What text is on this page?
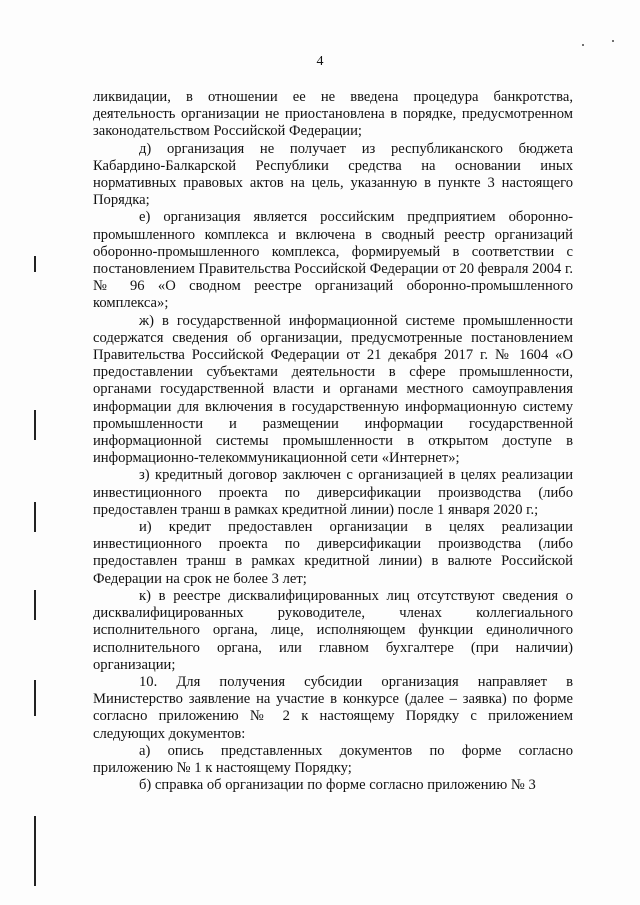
4

ликвидации, в отношении ее не введена процедура банкротства, деятельность организации не приостановлена в порядке, предусмотренном законодательством Российской Федерации;

д) организация не получает из республиканского бюджета Кабардино-Балкарской Республики средства на основании иных нормативных правовых актов на цель, указанную в пункте 3 настоящего Порядка;

е) организация является российским предприятием оборонно-промышленного комплекса и включена в сводный реестр организаций оборонно-промышленного комплекса, формируемый в соответствии с постановлением Правительства Российской Федерации от 20 февраля 2004 г. № 96 «О сводном реестре организаций оборонно-промышленного комплекса»;

ж) в государственной информационной системе промышленности содержатся сведения об организации, предусмотренные постановлением Правительства Российской Федерации от 21 декабря 2017 г. № 1604 «О предоставлении субъектами деятельности в сфере промышленности, органами государственной власти и органами местного самоуправления информации для включения в государственную информационную систему промышленности и размещении информации государственной информационной системы промышленности в открытом доступе в информационно-телекоммуникационной сети «Интернет»;

з) кредитный договор заключен с организацией в целях реализации инвестиционного проекта по диверсификации производства (либо предоставлен транш в рамках кредитной линии) после 1 января 2020 г.;

и) кредит предоставлен организации в целях реализации инвестиционного проекта по диверсификации производства (либо предоставлен транш в рамках кредитной линии) в валюте Российской Федерации на срок не более 3 лет;

к) в реестре дисквалифицированных лиц отсутствуют сведения о дисквалифицированных руководителе, членах коллегиального исполнительного органа, лице, исполняющем функции единоличного исполнительного органа, или главном бухгалтере (при наличии) организации;

10. Для получения субсидии организация направляет в Министерство заявление на участие в конкурсе (далее – заявка) по форме согласно приложению № 2 к настоящему Порядку с приложением следующих документов:

а) опись представленных документов по форме согласно приложению № 1 к настоящему Порядку;

б) справка об организации по форме согласно приложению № 3
